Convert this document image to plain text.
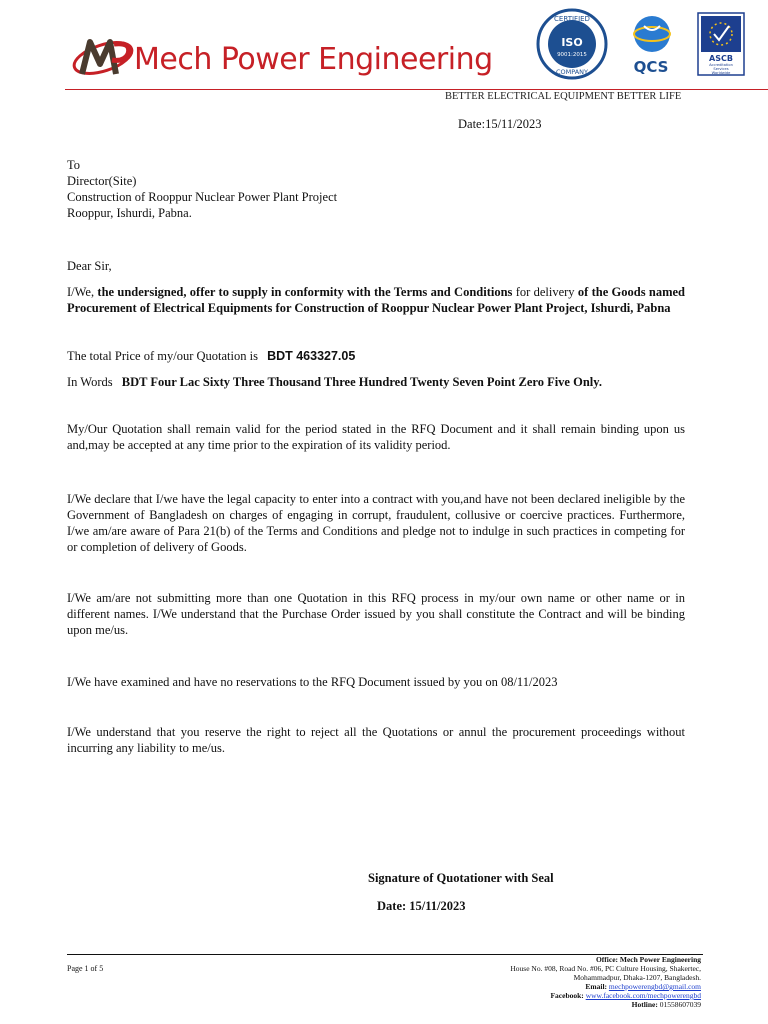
Mech Power Engineering
CERTIFIED
ISO
9001:2015
COMPANY	QCS	ASCB
Accreditation
Services
Worldwide
BETTER ELECTRICAL EQUIPMENT BETTER LIFE
Date:15/11/2023
To
Director(Site)
Construction of Rooppur Nuclear Power Plant Project
Rooppur, Ishurdi, Pabna.
Dear Sir,
I/We, the undersigned, offer to supply in conformity with the Terms and Conditions for delivery of the Goods named Procurement of Electrical Equipments for Construction of Rooppur Nuclear Power Plant Project, Ishurdi, Pabna
The total Price of my/our Quotation is BDT 463327.05
In Words BDT Four Lac Sixty Three Thousand Three Hundred Twenty Seven Point Zero Five Only.
My/Our Quotation shall remain valid for the period stated in the RFQ Document and it shall remain binding upon us and,may be accepted at any time prior to the expiration of its validity period.
I/We declare that I/we have the legal capacity to enter into a contract with you,and have not been declared ineligible by the Government of Bangladesh on charges of engaging in corrupt, fraudulent, collusive or coercive practices. Furthermore, I/we am/are aware of Para 21(b) of the Terms and Conditions and pledge not to indulge in such practices in competing for or completion of delivery of Goods.
I/We am/are not submitting more than one Quotation in this RFQ process in my/our own name or other name or in different names. I/We understand that the Purchase Order issued by you shall constitute the Contract and will be binding upon me/us.
I/We have examined and have no reservations to the RFQ Document issued by you on 08/11/2023
I/We understand that you reserve the right to reject all the Quotations or annul the procurement proceedings without incurring any liability to me/us.
Signature of Quotationer with Seal
Date: 15/11/2023
Page 1 of 5
Office: Mech Power Engineering
House No. #08, Road No. #06, PC Culture Housing, Shakertec,
Mohammadpur, Dhaka-1207, Bangladesh.
Email: mechpowerengbd@gmail.com
Facebook: www.facebook.com/mechpowerengbd
Hotline: 01558607039
